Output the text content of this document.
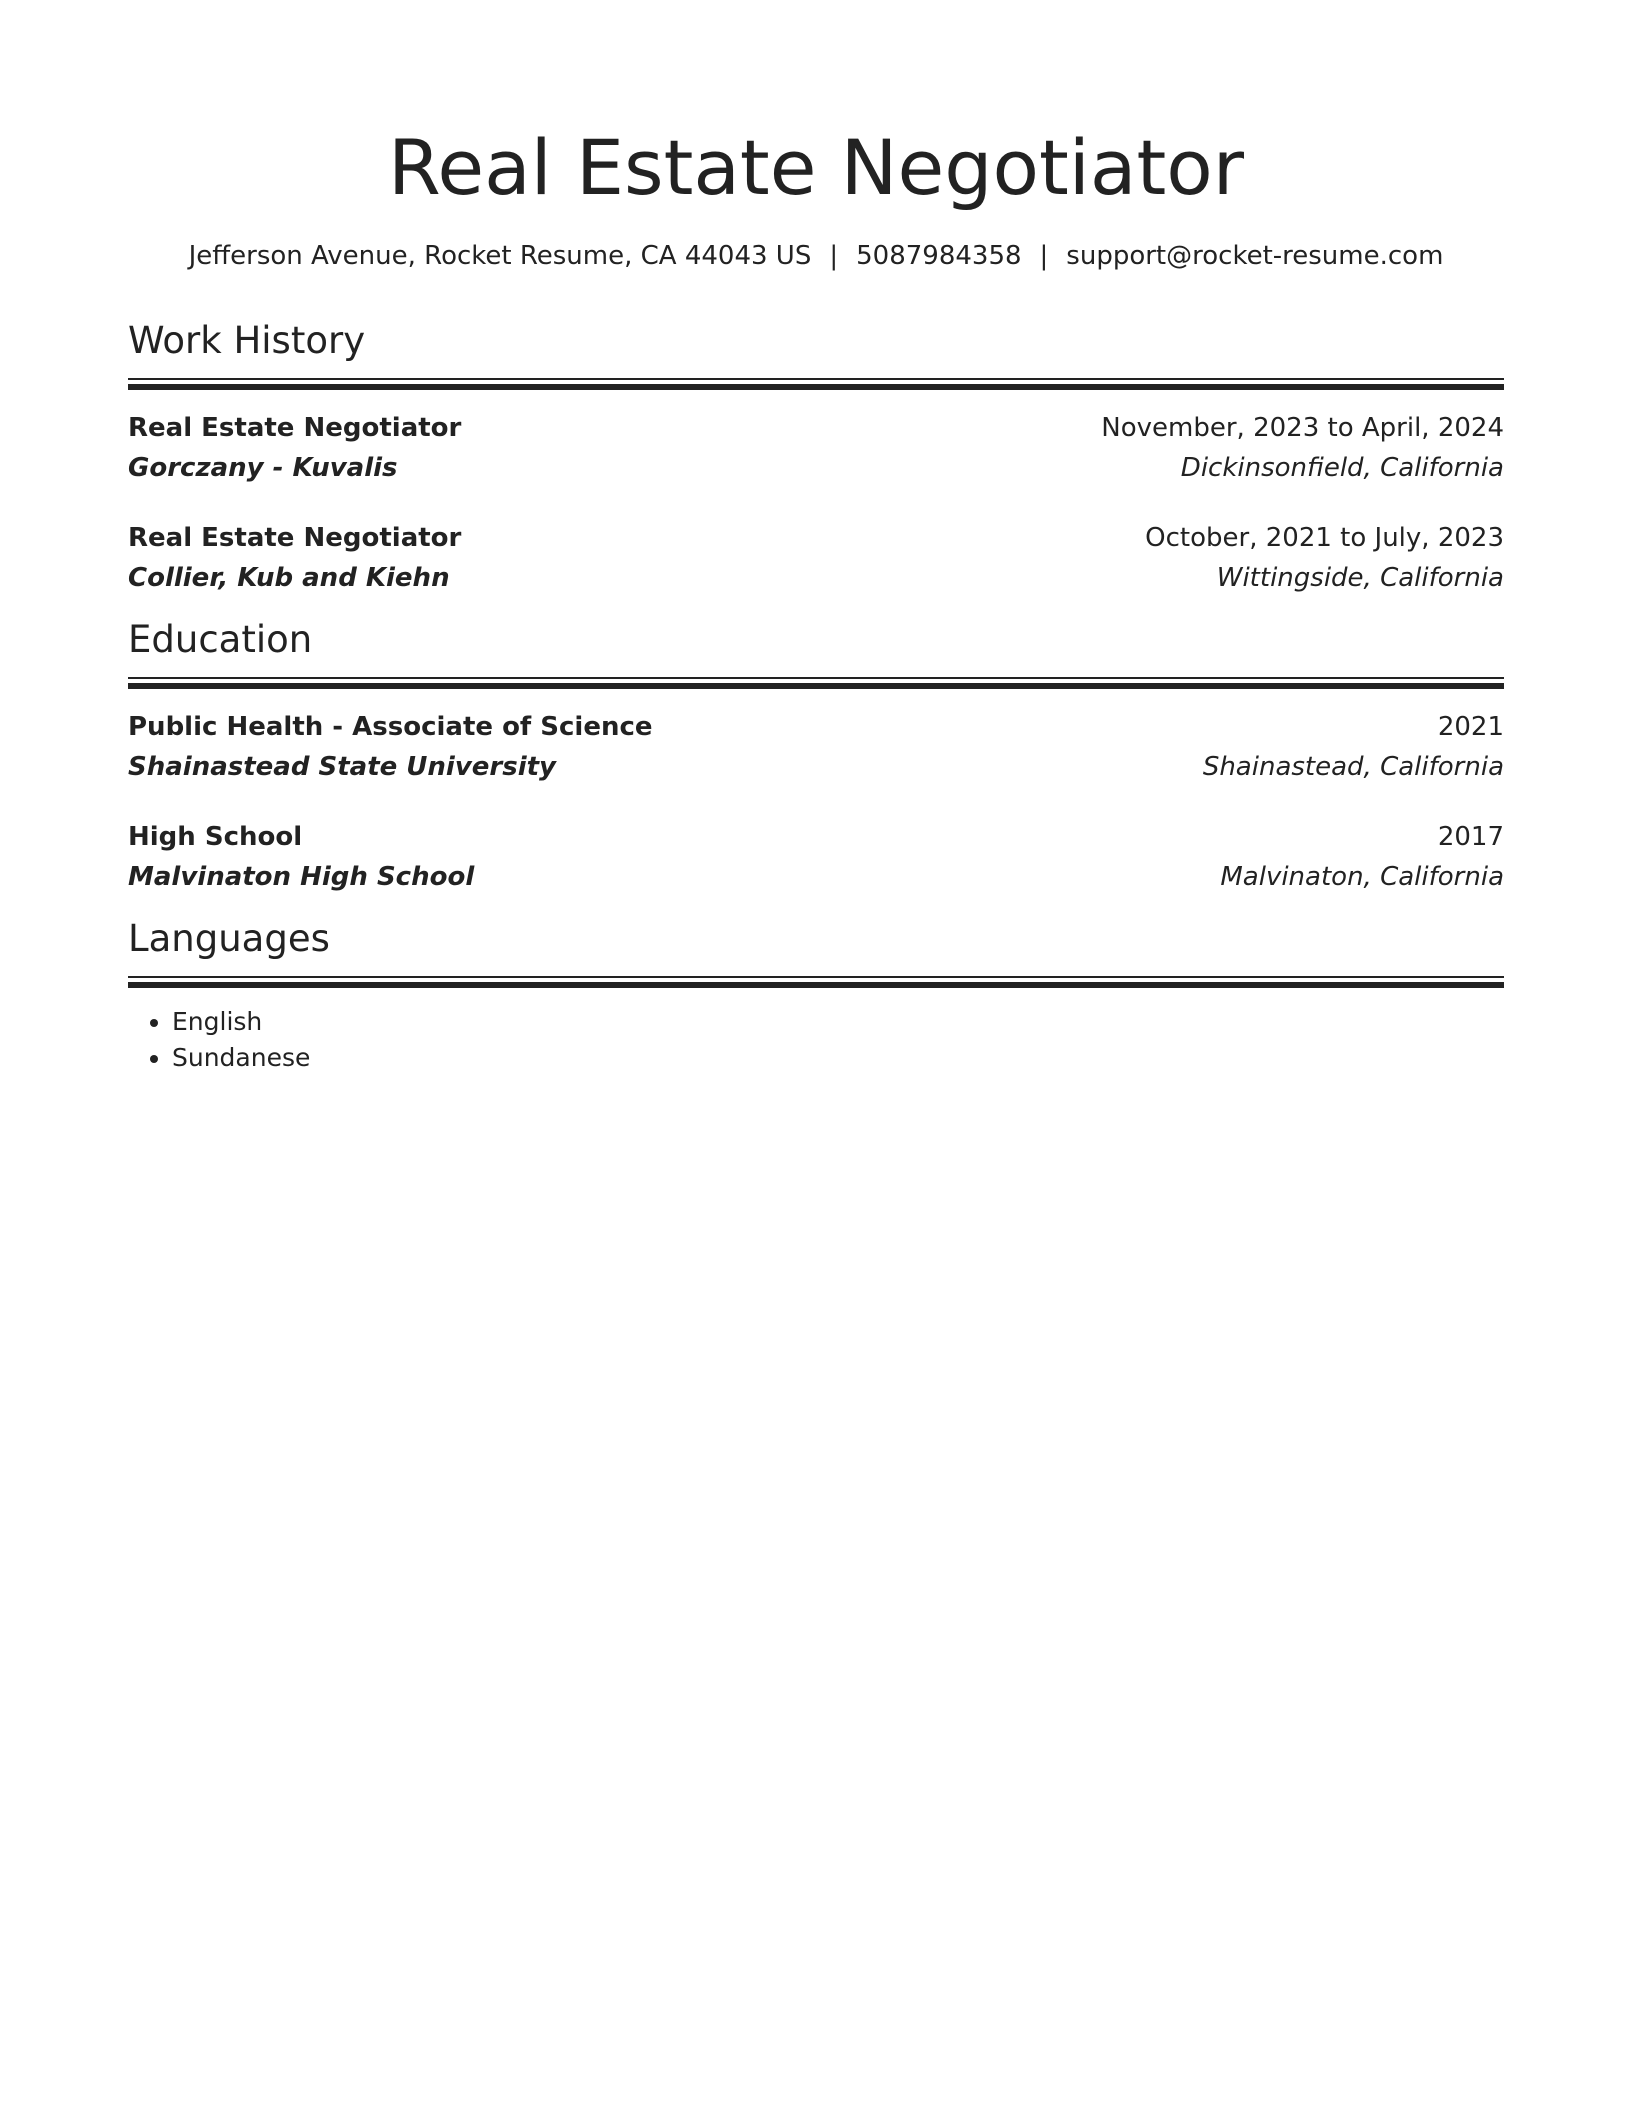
Real Estate Negotiator
Jefferson Avenue, Rocket Resume, CA 44043 US | 5087984358 | support@rocket-resume.com
Work History
Real Estate Negotiator	November, 2023 to April, 2024
Gorczany - Kuvalis	Dickinsonfield, California
Real Estate Negotiator	October, 2021 to July, 2023
Collier, Kub and Kiehn	Wittingside, California
Education
Public Health - Associate of Science	2021
Shainastead State University	Shainastead, California
High School	2017
Malvinaton High School	Malvinaton, California
Languages
• English
• Sundanese
